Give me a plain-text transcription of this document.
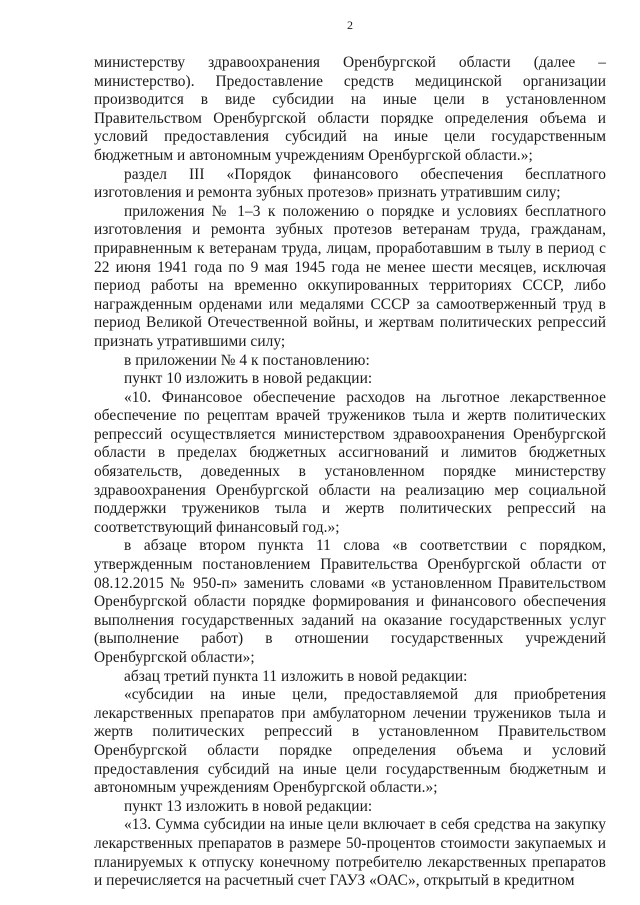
2

министерству здравоохранения Оренбургской области (далее – министерство). Предоставление средств медицинской организации производится в виде субсидии на иные цели в установленном Правительством Оренбургской области порядке определения объема и условий предоставления субсидий на иные цели государственным бюджетным и автономным учреждениям Оренбургской области.»;

раздел III «Порядок финансового обеспечения бесплатного изготовления и ремонта зубных протезов» признать утратившим силу;

приложения № 1–3 к положению о порядке и условиях бесплатного изготовления и ремонта зубных протезов ветеранам труда, гражданам, приравненным к ветеранам труда, лицам, проработавшим в тылу в период с 22 июня 1941 года по 9 мая 1945 года не менее шести месяцев, исключая период работы на временно оккупированных территориях СССР, либо награжденным орденами или медалями СССР за самоотверженный труд в период Великой Отечественной войны, и жертвам политических репрессий признать утратившими силу;

в приложении № 4 к постановлению:

пункт 10 изложить в новой редакции:

«10. Финансовое обеспечение расходов на льготное лекарственное обеспечение по рецептам врачей тружеников тыла и жертв политических репрессий осуществляется министерством здравоохранения Оренбургской области в пределах бюджетных ассигнований и лимитов бюджетных обязательств, доведенных в установленном порядке министерству здравоохранения Оренбургской области на реализацию мер социальной поддержки тружеников тыла и жертв политических репрессий на соответствующий финансовый год.»;

в абзаце втором пункта 11 слова «в соответствии с порядком, утвержденным постановлением Правительства Оренбургской области от 08.12.2015 № 950-п» заменить словами «в установленном Правительством Оренбургской области порядке формирования и финансового обеспечения выполнения государственных заданий на оказание государственных услуг (выполнение работ) в отношении государственных учреждений Оренбургской области»;

абзац третий пункта 11 изложить в новой редакции:

«субсидии на иные цели, предоставляемой для приобретения лекарственных препаратов при амбулаторном лечении тружеников тыла и жертв политических репрессий в установленном Правительством Оренбургской области порядке определения объема и условий предоставления субсидий на иные цели государственным бюджетным и автономным учреждениям Оренбургской области.»;

пункт 13 изложить в новой редакции:

«13. Сумма субсидии на иные цели включает в себя средства на закупку лекарственных препаратов в размере 50-процентов стоимости закупаемых и планируемых к отпуску конечному потребителю лекарственных препаратов и перечисляется на расчетный счет ГАУЗ «ОАС», открытый в кредитном
